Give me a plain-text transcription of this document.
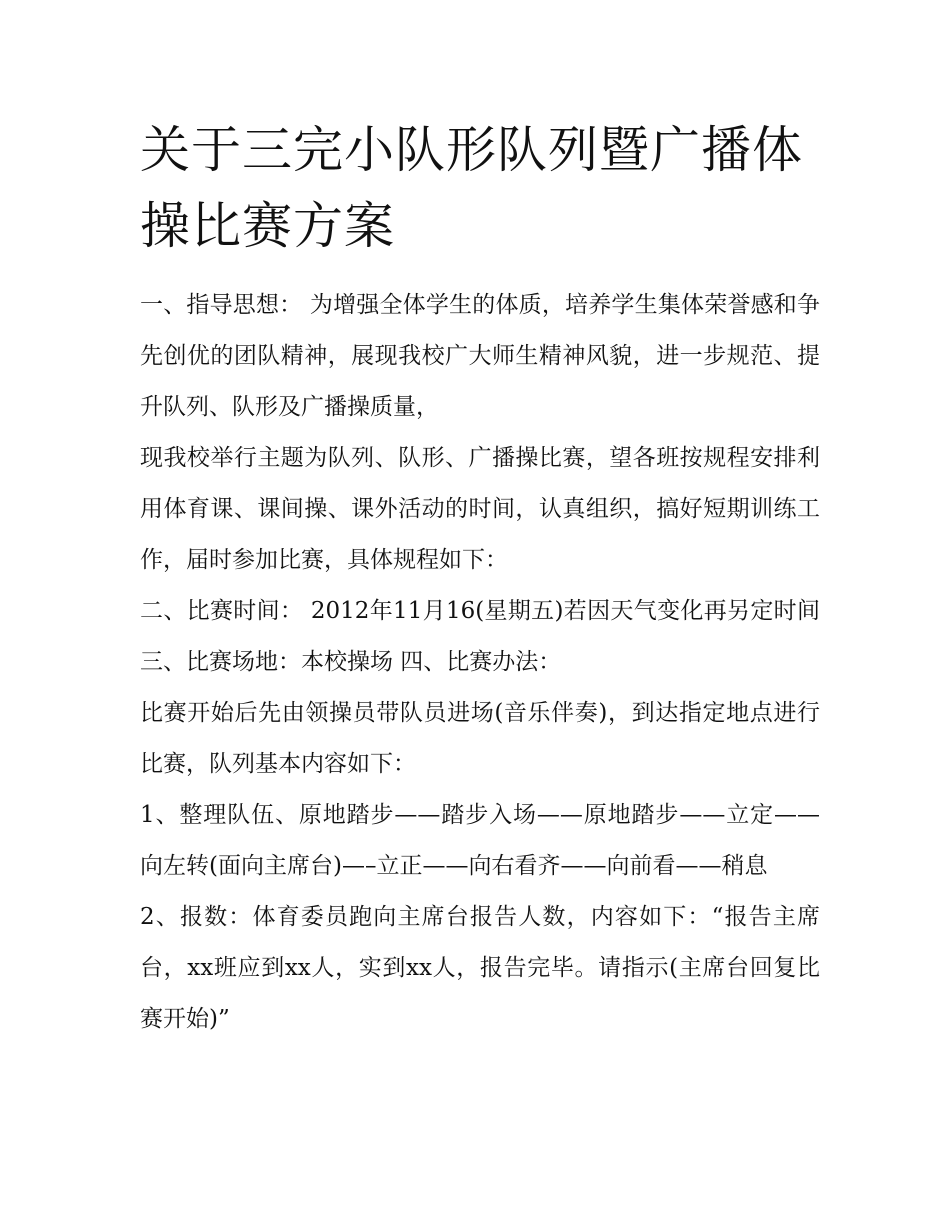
关于三完小队形队列暨广播体操比赛方案

一、指导思想： 为增强全体学生的体质，培养学生集体荣誉感和争先创优的团队精神，展现我校广大师生精神风貌，进一步规范、提升队列、队形及广播操质量，

现我校举行主题为队列、队形、广播操比赛，望各班按规程安排利用体育课、课间操、课外活动的时间，认真组织，搞好短期训练工作，届时参加比赛，具体规程如下：

二、比赛时间： 2012年11月16(星期五)若因天气变化再另定时间 三、比赛场地：本校操场 四、比赛办法：

比赛开始后先由领操员带队员进场(音乐伴奏)，到达指定地点进行比赛，队列基本内容如下：

1、整理队伍、原地踏步——踏步入场——原地踏步——立定——向左转(面向主席台)—–立正——向右看齐——向前看——稍息

2、报数：体育委员跑向主席台报告人数，内容如下：“报告主席台，xx班应到xx人，实到xx人，报告完毕。请指示(主席台回复比赛开始)”
